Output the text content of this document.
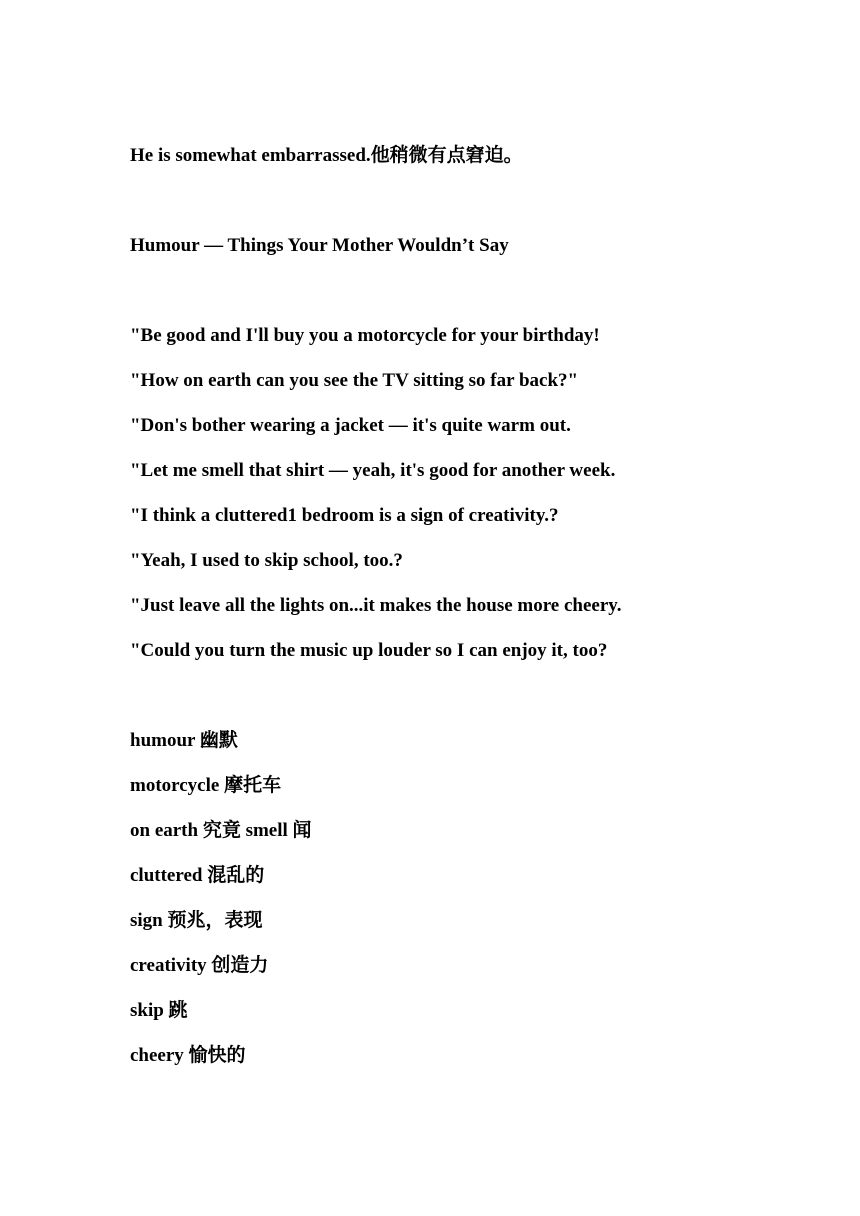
He is somewhat embarrassed.他稍微有点窘迫。
Humour — Things Your Mother Wouldn’t Say
"Be good and I'll buy you a motorcycle for your birthday!
"How on earth can you see the TV sitting so far back?"
"Don's bother wearing a jacket — it's quite warm out.
"Let me smell that shirt — yeah, it's good for another week.
"I think a cluttered1 bedroom is a sign of creativity.?
"Yeah, I used to skip school, too.?
"Just leave all the lights on...it makes the house more cheery.
"Could you turn the music up louder so I can enjoy it, too?
humour 幽默
motorcycle 摩托车
on earth 究竟 smell 闻
cluttered 混乱的
sign 预兆，表现
creativity 创造力
skip 跳
cheery 愉快的
